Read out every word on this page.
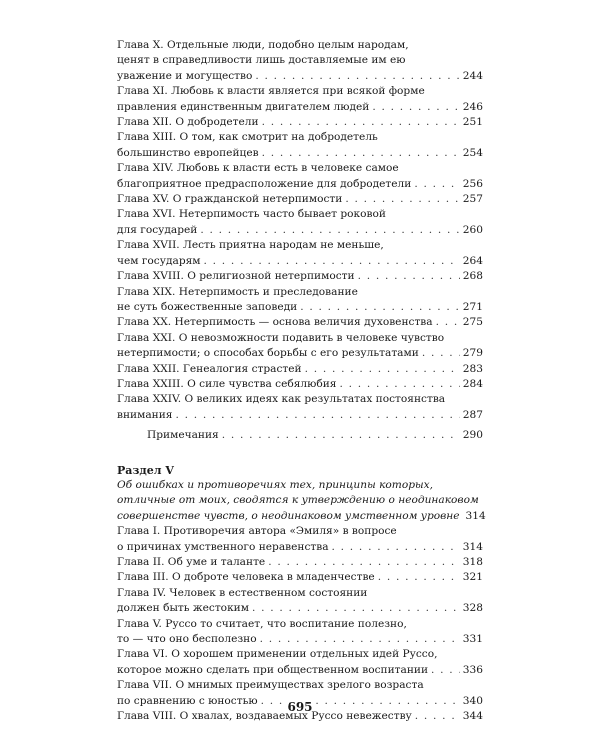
Глава X. Отдельные люди, подобно целым народам,
ценят в справедливости лишь доставляемые им ею
уважение и могущество . . .	244
Глава XI. Любовь к власти является при всякой форме
правления единственным двигателем людей . . .	246
Глава XII. О добродетели . . .	251
Глава XIII. О том, как смотрит на добродетель
большинство европейцев . . .	254
Глава XIV. Любовь к власти есть в человеке самое
благоприятное предрасположение для добродетели . . .	256
Глава XV. О гражданской нетерпимости . . .	257
Глава XVI. Нетерпимость часто бывает роковой
для государей . . .	260
Глава XVII. Лесть приятна народам не меньше,
чем государям . . .	264
Глава XVIII. О религиозной нетерпимости . . .	268
Глава XIX. Нетерпимость и преследование
не суть божественные заповеди . . .	271
Глава XX. Нетерпимость — основа величия духовенства . . .	275
Глава XXI. О невозможности подавить в человеке чувство
нетерпимости; о способах борьбы с его результатами . . .	279
Глава XXII. Генеалогия страстей . . .	283
Глава XXIII. О силе чувства себялюбия . . .	284
Глава XXIV. О великих идеях как результатах постоянства
внимания . . .	287
Примечания . . .	290
Раздел V
Об ошибках и противоречиях тех, принципы которых,
отличные от моих, сводятся к утверждению о неодинаковом
совершенстве чувств, о неодинаковом умственном уровне 314
Глава I. Противоречия автора «Эмиля» в вопросе
о причинах умственного неравенства . . .	314
Глава II. Об уме и таланте . . .	318
Глава III. О доброте человека в младенчестве . . .	321
Глава IV. Человек в естественном состоянии
должен быть жестоким . . .	328
Глава V. Руссо то считает, что воспитание полезно,
то — что оно бесполезно . . .	331
Глава VI. О хорошем применении отдельных идей Руссо,
которое можно сделать при общественном воспитании . . .	336
Глава VII. О мнимых преимуществах зрелого возраста
по сравнению с юностью . . .	340
Глава VIII. О хвалах, воздаваемых Руссо невежеству . . .	344
695
